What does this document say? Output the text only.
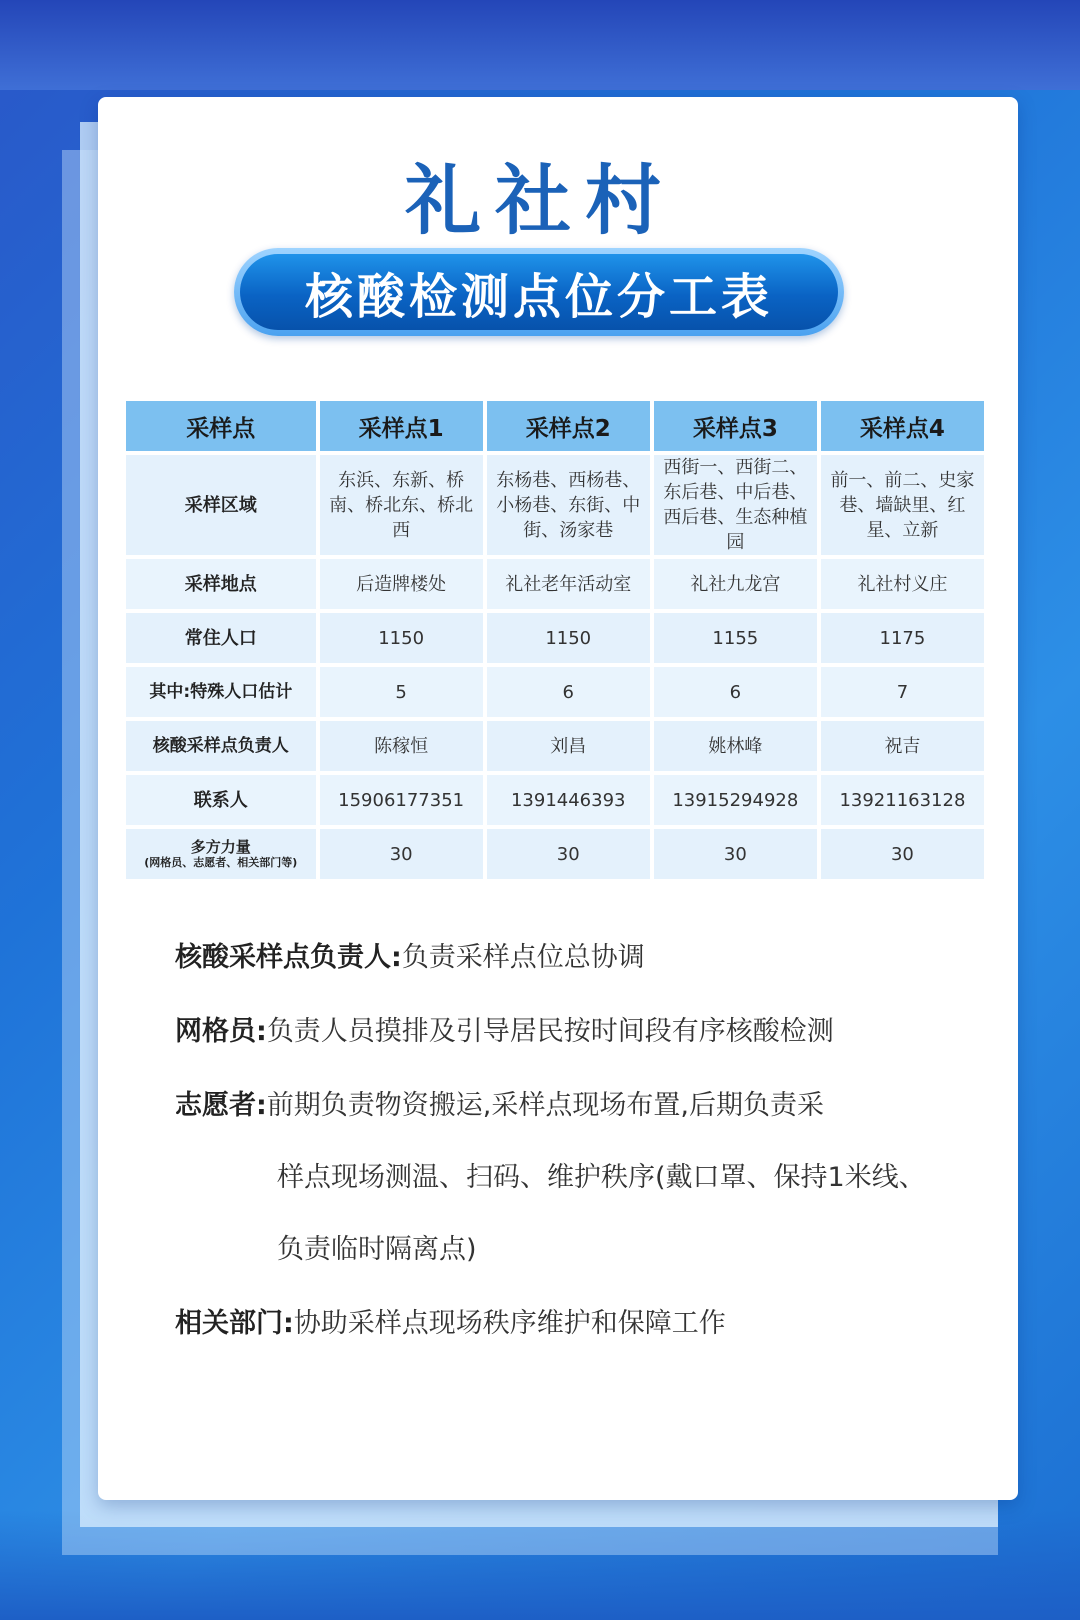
礼社村
核酸检测点位分工表
采样点	采样点1	采样点2	采样点3	采样点4
采样区域	东浜、东新、桥南、桥北东、桥北西	东杨巷、西杨巷、小杨巷、东街、中街、汤家巷	西街一、西街二、东后巷、中后巷、西后巷、生态种植园	前一、前二、史家巷、墙缺里、红星、立新
采样地点	后造牌楼处	礼社老年活动室	礼社九龙宫	礼社村义庄
常住人口	1150	1150	1155	1175
其中:特殊人口估计	5	6	6	7
核酸采样点负责人	陈稼恒	刘昌	姚林峰	祝吉
联系人	15906177351	1391446393	13915294928	13921163128

多方力量
(网格员、志愿者、相关部门等)	30	30	30	30

核酸采样点负责人:负责采样点位总协调

网格员:负责人员摸排及引导居民按时间段有序核酸检测

志愿者:前期负责物资搬运,采样点现场布置,后期负责采
样点现场测温、扫码、维护秩序(戴口罩、保持1米线、
负责临时隔离点)

相关部门:协助采样点现场秩序维护和保障工作
